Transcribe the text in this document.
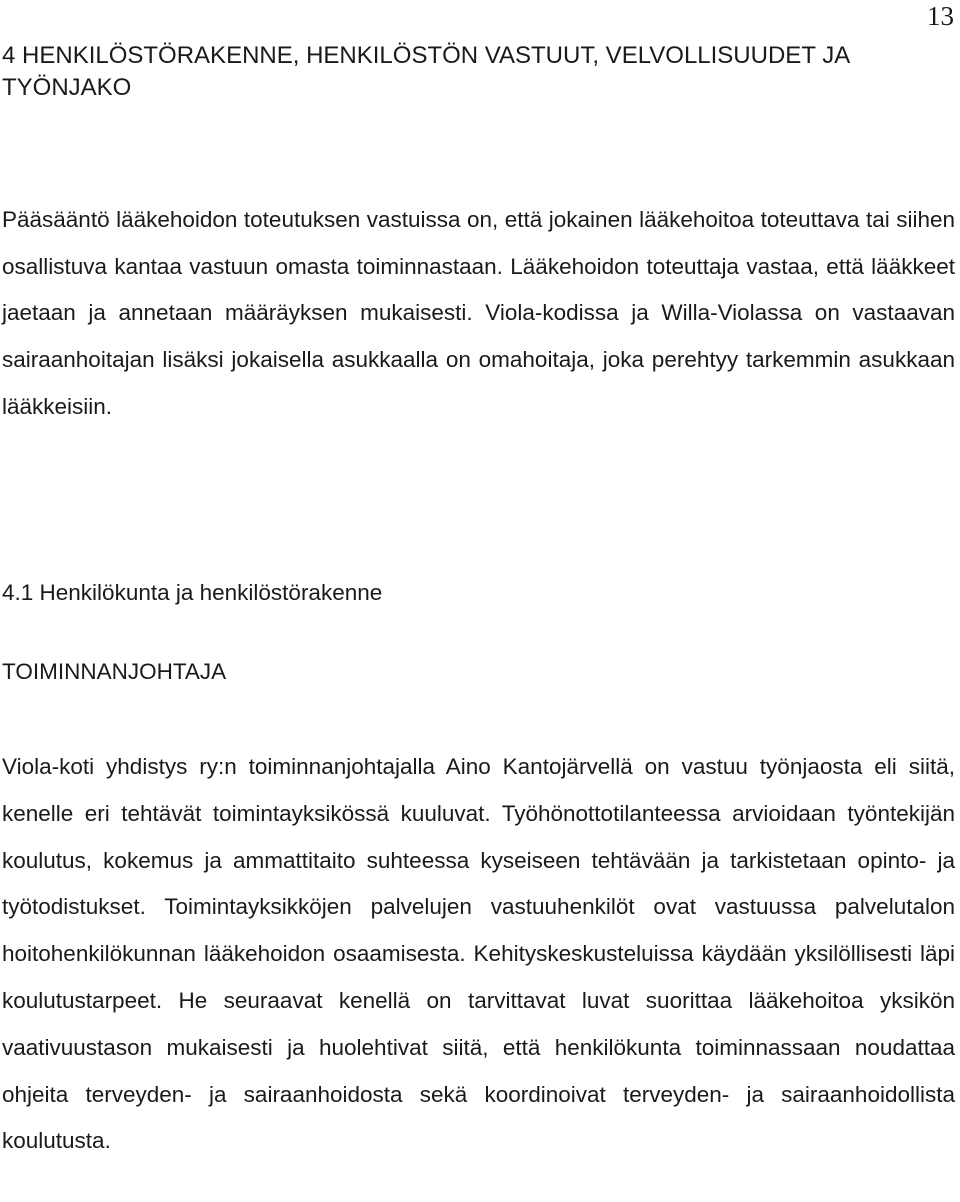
13
4 HENKILÖSTÖRAKENNE, HENKILÖSTÖN VASTUUT, VELVOLLISUUDET JA TYÖNJAKO

Pääsääntö lääkehoidon toteutuksen vastuissa on, että jokainen lääkehoitoa toteuttava tai siihen osallistuva kantaa vastuun omasta toiminnastaan. Lääkehoidon toteuttaja vastaa, että lääkkeet jaetaan ja annetaan määräyksen mukaisesti. Viola-kodissa ja Willa-Violassa on vastaavan sairaanhoitajan lisäksi jokaisella asukkaalla on omahoitaja, joka perehtyy tarkemmin asukkaan lääkkeisiin.

4.1 Henkilökunta ja henkilöstörakenne
TOIMINNANJOHTAJA

Viola-koti yhdistys ry:n toiminnanjohtajalla Aino Kantojärvellä on vastuu työnjaosta eli siitä, kenelle eri tehtävät toimintayksikössä kuuluvat. Työhönottotilanteessa arvioidaan työntekijän koulutus, kokemus ja ammattitaito suhteessa kyseiseen tehtävään ja tarkistetaan opinto- ja työtodistukset. Toimintayksikköjen palvelujen vastuuhenkilöt ovat vastuussa palvelutalon hoitohenkilökunnan lääkehoidon osaamisesta. Kehityskeskusteluissa käydään yksilöllisesti läpi koulutustarpeet. He seuraavat kenellä on tarvittavat luvat suorittaa lääkehoitoa yksikön vaativuustason mukaisesti ja huolehtivat siitä, että henkilökunta toiminnassaan noudattaa ohjeita terveyden- ja sairaanhoidosta sekä koordinoivat terveyden- ja sairaanhoidollista koulutusta.
